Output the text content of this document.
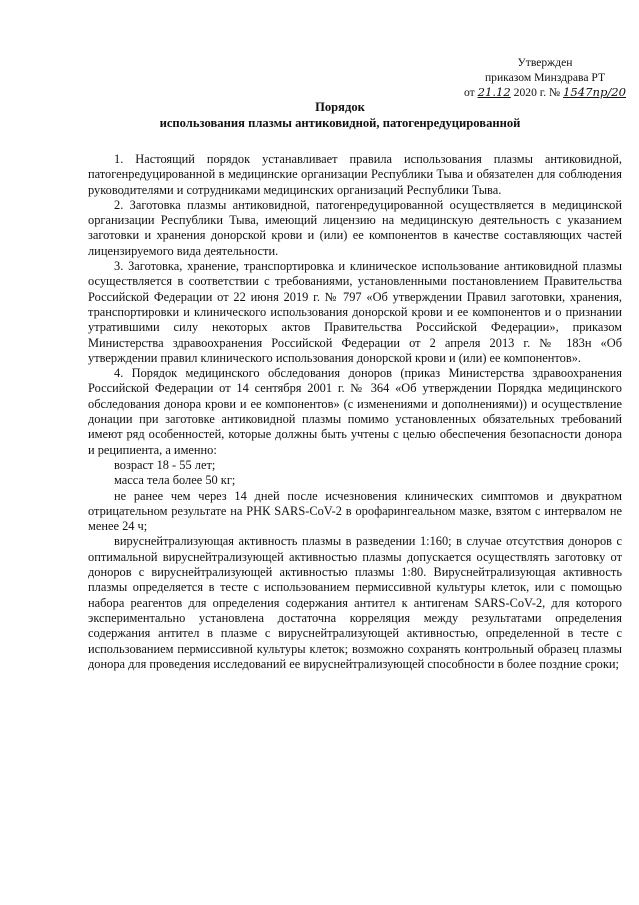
Утвержден
приказом Минздрава РТ
от 21.12 2020 г. № 1547пр/20
Порядок
использования плазмы антиковидной, патогенредуцированной

1. Настоящий порядок устанавливает правила использования плазмы антиковидной, патогенредуцированной в медицинские организации Республики Тыва и обязателен для соблюдения руководителями и сотрудниками медицинских организаций Республики Тыва.

2. Заготовка плазмы антиковидной, патогенредуцированной осуществляется в медицинской организации Республики Тыва, имеющий лицензию на медицинскую деятельность с указанием заготовки и хранения донорской крови и (или) ее компонентов в качестве составляющих частей лицензируемого вида деятельности.

3. Заготовка, хранение, транспортировка и клиническое использование антиковидной плазмы осуществляется в соответствии с требованиями, установленными постановлением Правительства Российской Федерации от 22 июня 2019 г. № 797 «Об утверждении Правил заготовки, хранения, транспортировки и клинического использования донорской крови и ее компонентов и о признании утратившими силу некоторых актов Правительства Российской Федерации», приказом Министерства здравоохранения Российской Федерации от 2 апреля 2013 г. № 183н «Об утверждении правил клинического использования донорской крови и (или) ее компонентов».

4. Порядок медицинского обследования доноров (приказ Министерства здравоохранения Российской Федерации от 14 сентября 2001 г. № 364 «Об утверждении Порядка медицинского обследования донора крови и ее компонентов» (с изменениями и дополнениями)) и осуществление донации при заготовке антиковидной плазмы помимо установленных обязательных требований имеют ряд особенностей, которые должны быть учтены с целью обеспечения безопасности донора и реципиента, а именно:

возраст 18 - 55 лет;

масса тела более 50 кг;

не ранее чем через 14 дней после исчезновения клинических симптомов и двукратном отрицательном результате на РНК SARS-CoV-2 в орофарингеальном мазке, взятом с интервалом не менее 24 ч;

вируснейтрализующая активность плазмы в разведении 1:160; в случае отсутствия доноров с оптимальной вируснейтрализующей активностью плазмы допускается осуществлять заготовку от доноров с вируснейтрализующей активностью плазмы 1:80. Вируснейтрализующая активность плазмы определяется в тесте с использованием пермиссивной культуры клеток, или с помощью набора реагентов для определения содержания антител к антигенам SARS-CoV-2, для которого экспериментально установлена достаточна корреляция между результатами определения содержания антител в плазме с вируснейтрализующей активностью, определенной в тесте с использованием пермиссивной культуры клеток; возможно сохранять контрольный образец плазмы донора для проведения исследований ее вируснейтрализующей способности в более поздние сроки;
